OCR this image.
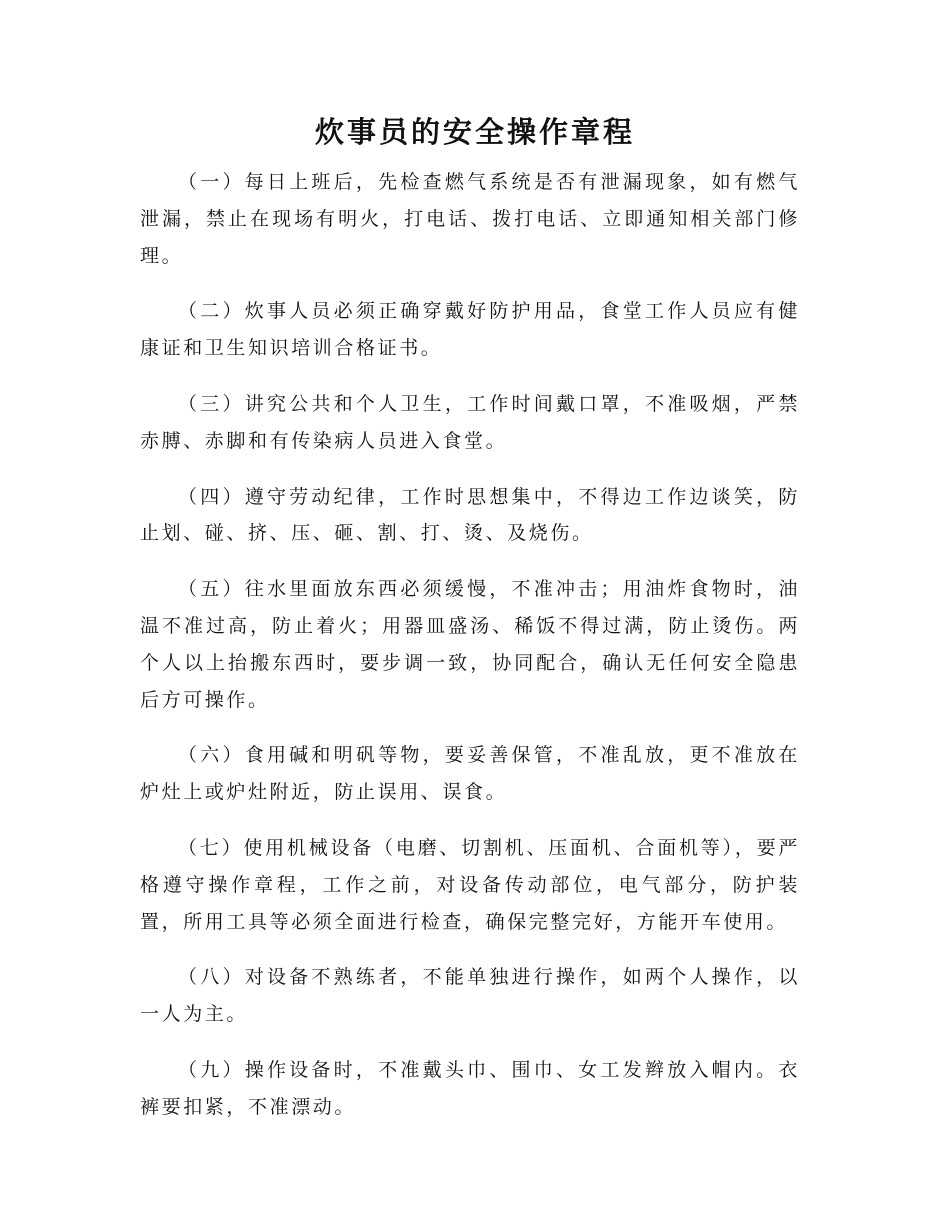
炊事员的安全操作章程

（一）每日上班后，先检查燃气系统是否有泄漏现象，如有燃气泄漏，禁止在现场有明火，打电话、拨打电话、立即通知相关部门修理。

（二）炊事人员必须正确穿戴好防护用品，食堂工作人员应有健康证和卫生知识培训合格证书。

（三）讲究公共和个人卫生，工作时间戴口罩，不准吸烟，严禁赤膊、赤脚和有传染病人员进入食堂。

（四）遵守劳动纪律，工作时思想集中，不得边工作边谈笑，防止划、碰、挤、压、砸、割、打、烫、及烧伤。

（五）往水里面放东西必须缓慢，不准冲击；用油炸食物时，油温不准过高，防止着火；用器皿盛汤、稀饭不得过满，防止烫伤。两个人以上抬搬东西时，要步调一致，协同配合，确认无任何安全隐患后方可操作。

（六）食用碱和明矾等物，要妥善保管，不准乱放，更不准放在炉灶上或炉灶附近，防止误用、误食。

（七）使用机械设备（电磨、切割机、压面机、合面机等），要严格遵守操作章程，工作之前，对设备传动部位，电气部分，防护装置，所用工具等必须全面进行检查，确保完整完好，方能开车使用。

（八）对设备不熟练者，不能单独进行操作，如两个人操作，以一人为主。

（九）操作设备时，不准戴头巾、围巾、女工发辫放入帽内。衣裤要扣紧，不准漂动。
